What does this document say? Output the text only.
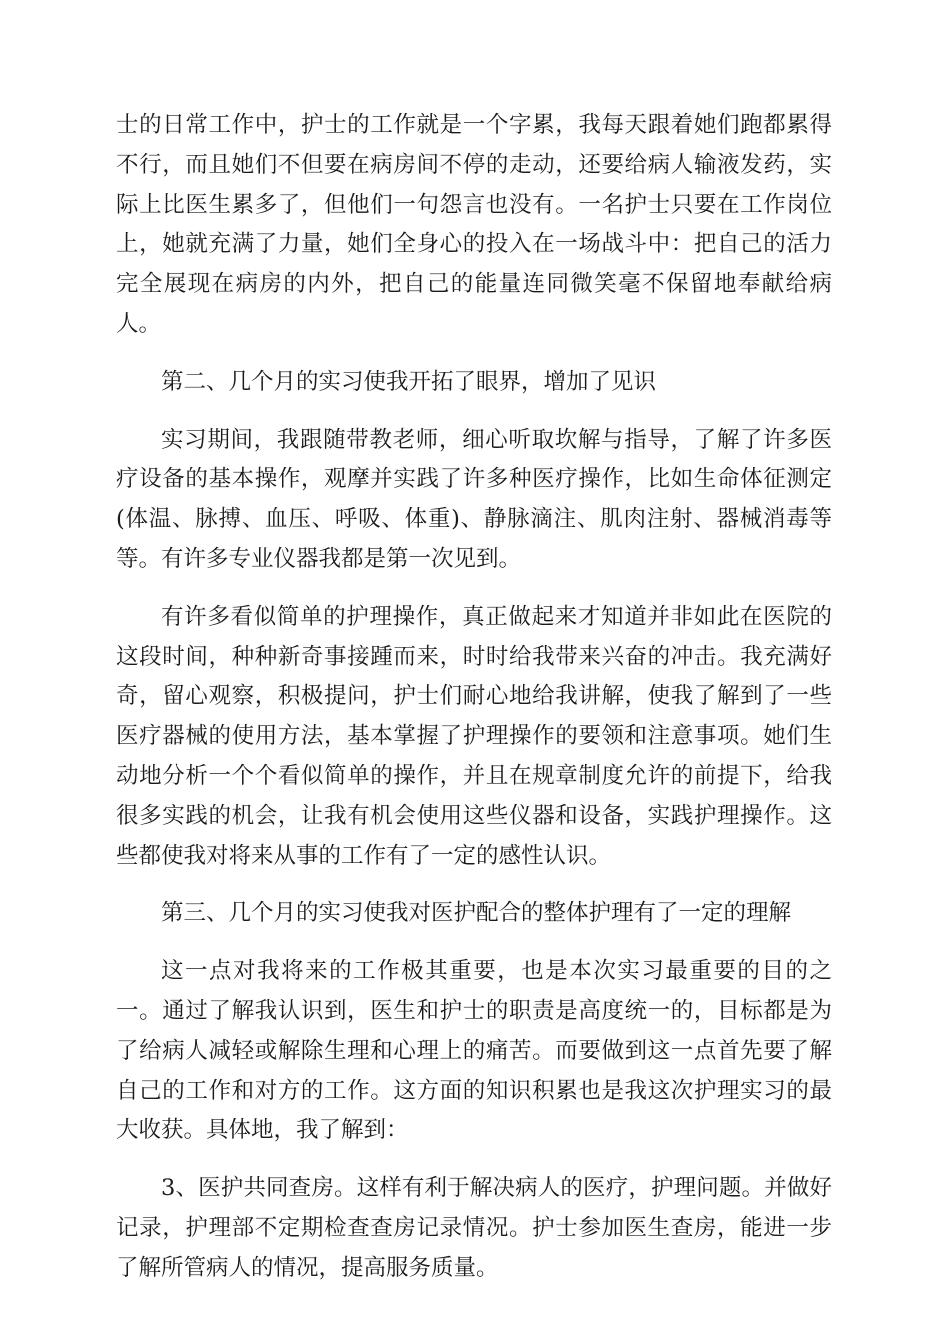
士的日常工作中，护士的工作就是一个字累，我每天跟着她们跑都累得不行，而且她们不但要在病房间不停的走动，还要给病人输液发药，实际上比医生累多了，但他们一句怨言也没有。一名护士只要在工作岗位上，她就充满了力量，她们全身心的投入在一场战斗中：把自己的活力完全展现在病房的内外，把自己的能量连同微笑毫不保留地奉献给病人。

第二、几个月的实习使我开拓了眼界，增加了见识

实习期间，我跟随带教老师，细心听取坎解与指导，了解了许多医疗设备的基本操作，观摩并实践了许多种医疗操作，比如生命体征测定(体温、脉搏、血压、呼吸、体重)、静脉滴注、肌肉注射、器械消毒等等。有许多专业仪器我都是第一次见到。

有许多看似简单的护理操作，真正做起来才知道并非如此在医院的这段时间，种种新奇事接踵而来，时时给我带来兴奋的冲击。我充满好奇，留心观察，积极提问，护士们耐心地给我讲解，使我了解到了一些医疗器械的使用方法，基本掌握了护理操作的要领和注意事项。她们生动地分析一个个看似简单的操作，并且在规章制度允许的前提下，给我很多实践的机会，让我有机会使用这些仪器和设备，实践护理操作。这些都使我对将来从事的工作有了一定的感性认识。

第三、几个月的实习使我对医护配合的整体护理有了一定的理解

这一点对我将来的工作极其重要，也是本次实习最重要的目的之一。通过了解我认识到，医生和护士的职责是高度统一的，目标都是为了给病人减轻或解除生理和心理上的痛苦。而要做到这一点首先要了解自己的工作和对方的工作。这方面的知识积累也是我这次护理实习的最大收获。具体地，我了解到：

3、医护共同查房。这样有利于解决病人的医疗，护理问题。并做好记录，护理部不定期检查查房记录情况。护士参加医生查房，能进一步了解所管病人的情况，提高服务质量。
